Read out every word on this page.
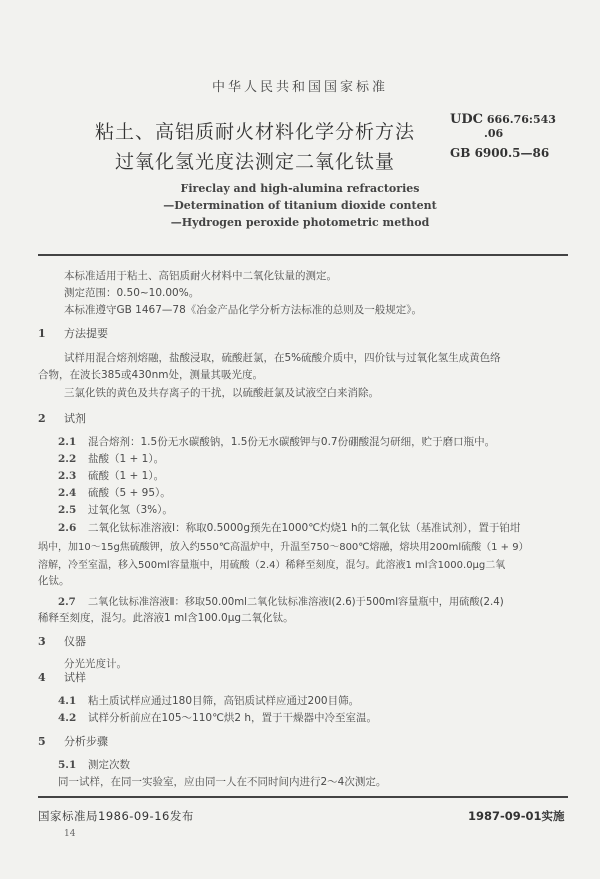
中华人民共和国国家标准
粘土、高铝质耐火材料化学分析方法
过氧化氢光度法测定二氧化钛量
UDC 666.76:543
.06
GB 6900.5—86
Fireclay and high-alumina refractories
—Determination of titanium dioxide content
—Hydrogen peroxide photometric method
本标准适用于粘土、高铝质耐火材料中二氧化钛量的测定。
测定范围：0.50~10.00%。
本标准遵守GB 1467—78《冶金产品化学分析方法标准的总则及一般规定》。
1 方法提要
试样用混合熔剂熔融，盐酸浸取，硫酸赶氯，在5%硫酸介质中，四价钛与过氧化氢生成黄色络
合物，在波长385或430nm处，测量其吸光度。
三氯化铁的黄色及共存离子的干扰，以硫酸赶氯及试液空白来消除。
2 试剂
2.1 混合熔剂：1.5份无水碳酸钠，1.5份无水碳酸钾与0.7份硼酸混匀研细，贮于磨口瓶中。
2.2 盐酸（1 + 1）。
2.3 硫酸（1 + 1）。
2.4 硫酸（5 + 95）。
2.5 过氧化氢（3%）。
2.6 二氧化钛标准溶液Ⅰ：称取0.5000g预先在1000℃灼烧1 h的二氧化钛（基准试剂），置于铂坩
埚中，加10～15g焦硫酸钾，放入约550℃高温炉中，升温至750～800℃熔融，熔块用200ml硫酸（1 + 9）
溶解，冷至室温，移入500ml容量瓶中，用硫酸（2.4）稀释至刻度，混匀。此溶液1 ml含1000.0μg二氧
化钛。
2.7 二氧化钛标准溶液Ⅱ：移取50.00ml二氧化钛标准溶液Ⅰ(2.6)于500ml容量瓶中，用硫酸(2.4)
稀释至刻度，混匀。此溶液1 ml含100.0μg二氧化钛。
3 仪器
分光光度计。
4 试样
4.1 粘土质试样应通过180目筛，高铝质试样应通过200目筛。
4.2 试样分析前应在105～110℃烘2 h，置于干燥器中冷至室温。
5 分析步骤
5.1 测定次数
同一试样，在同一实验室，应由同一人在不同时间内进行2～4次测定。
国家标准局1986-09-16发布	1987-09-01实施
14
